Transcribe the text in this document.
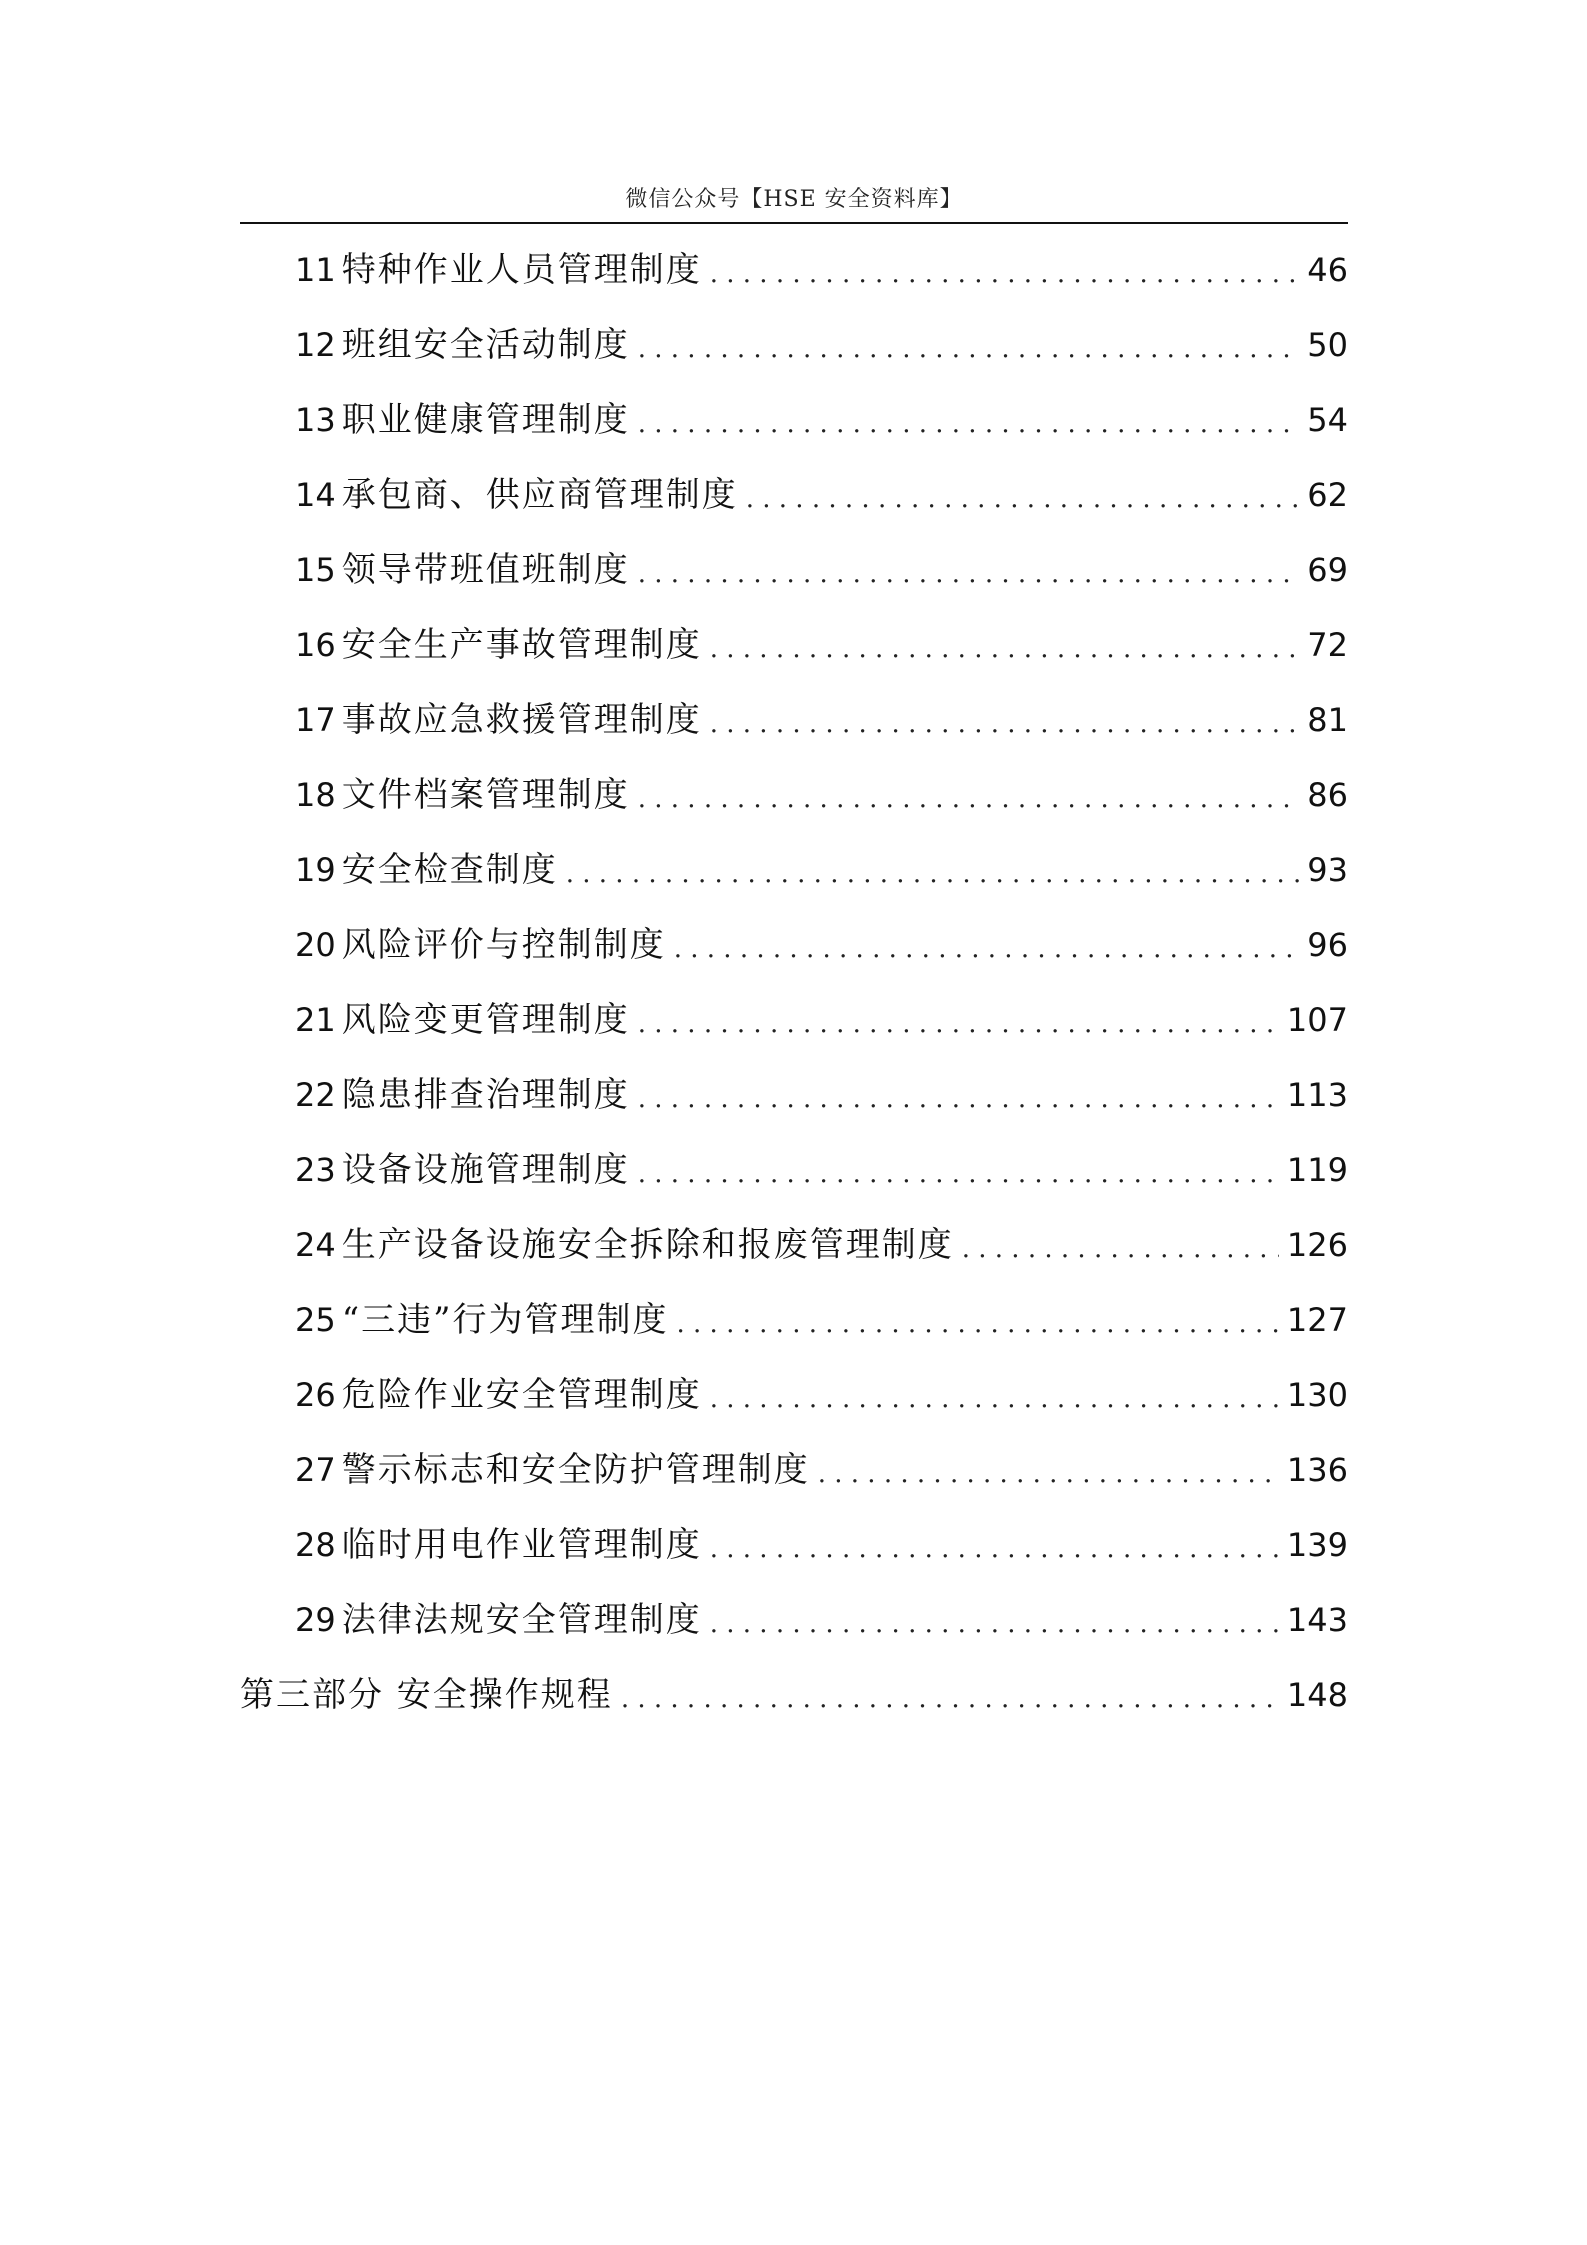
微信公众号【HSE 安全资料库】
11 特种作业人员管理制度 . . .	46
12 班组安全活动制度 . . .	50
13 职业健康管理制度 . . .	54
14 承包商、供应商管理制度 . . .	62
15 领导带班值班制度 . . .	69
16 安全生产事故管理制度 . . .	72
17 事故应急救援管理制度 . . .	81
18 文件档案管理制度 . . .	86
19 安全检查制度 . . .	93
20 风险评价与控制制度 . . .	96
21 风险变更管理制度 . . .	107
22 隐患排查治理制度 . . .	113
23 设备设施管理制度 . . .	119
24 生产设备设施安全拆除和报废管理制度 . . .	126
25 “三违”行为管理制度 . . .	127
26 危险作业安全管理制度 . . .	130
27 警示标志和安全防护管理制度 . . .	136
28 临时用电作业管理制度 . . .	139
29 法律法规安全管理制度 . . .	143
第三部分 安全操作规程 . . .	148
